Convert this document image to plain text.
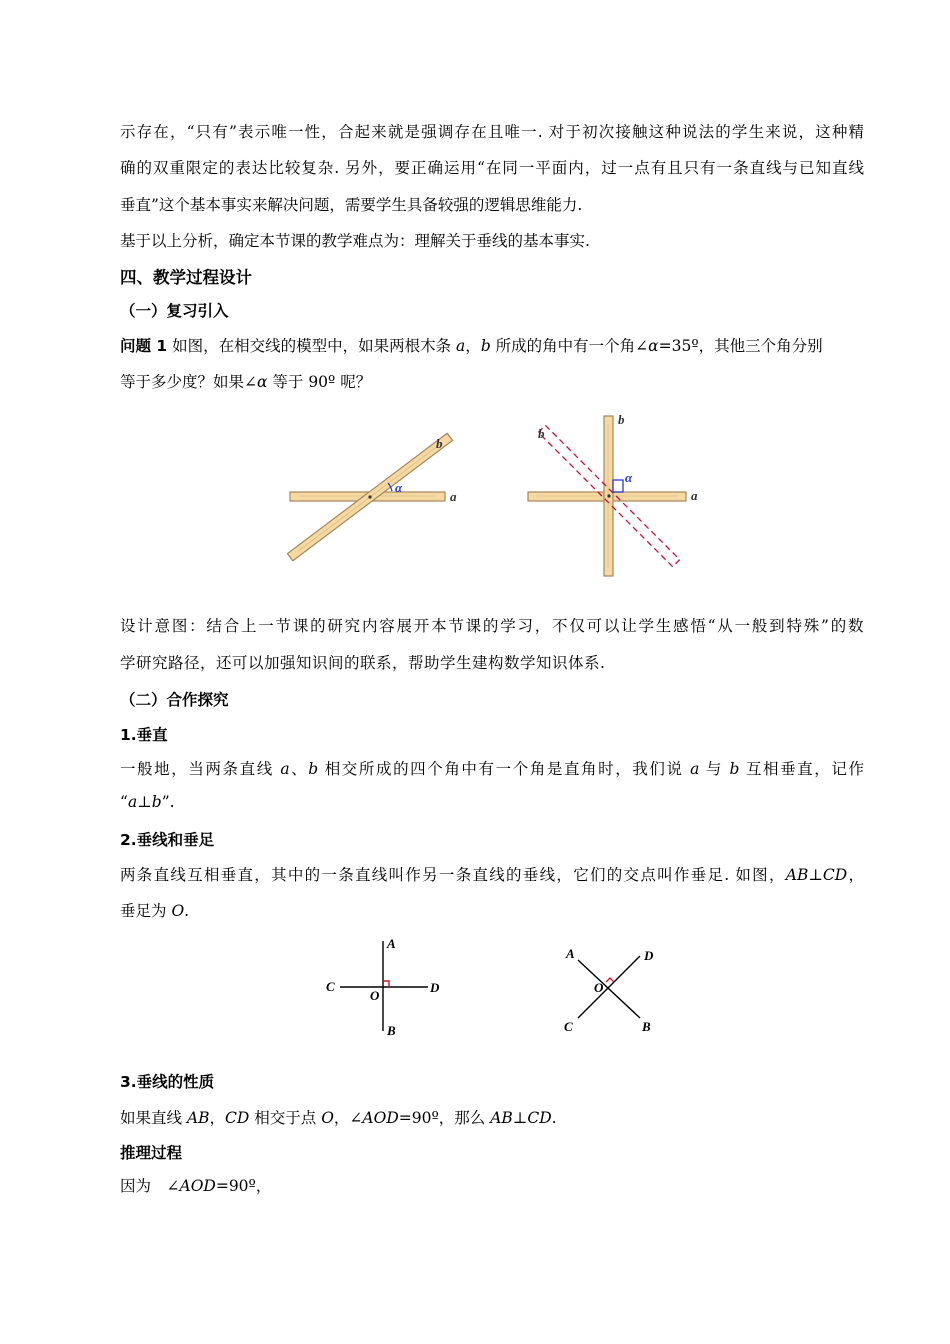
示存在，“只有”表示唯一性，合起来就是强调存在且唯一. 对于初次接触这种说法的学生来说，这种精
确的双重限定的表达比较复杂. 另外，要正确运用“在同一平面内，过一点有且只有一条直线与已知直线
垂直”这个基本事实来解决问题，需要学生具备较强的逻辑思维能力.
基于以上分析，确定本节课的教学难点为：理解关于垂线的基本事实.
四、教学过程设计
（一）复习引入
问题 1 如图，在相交线的模型中，如果两根木条 a，b 所成的角中有一个角∠α=35º，其他三个角分别
等于多少度？如果∠α 等于 90º 呢？
α
a
b
α
a
b
b
设计意图：结合上一节课的研究内容展开本节课的学习，不仅可以让学生感悟“从一般到特殊”的数
学研究路径，还可以加强知识间的联系，帮助学生建构数学知识体系.
（二）合作探究
1.垂直
一般地，当两条直线 a、b 相交所成的四个角中有一个角是直角时，我们说 a 与 b 互相垂直，记作
“a⊥b”.
2.垂线和垂足
两条直线互相垂直，其中的一条直线叫作另一条直线的垂线，它们的交点叫作垂足. 如图，AB⊥CD，
垂足为 O.
A
B
C	D
O
A	D
O
C	B
3.垂线的性质
如果直线 AB，CD 相交于点 O，∠AOD=90º，那么 AB⊥CD.
推理过程
因为　∠AOD=90º，
